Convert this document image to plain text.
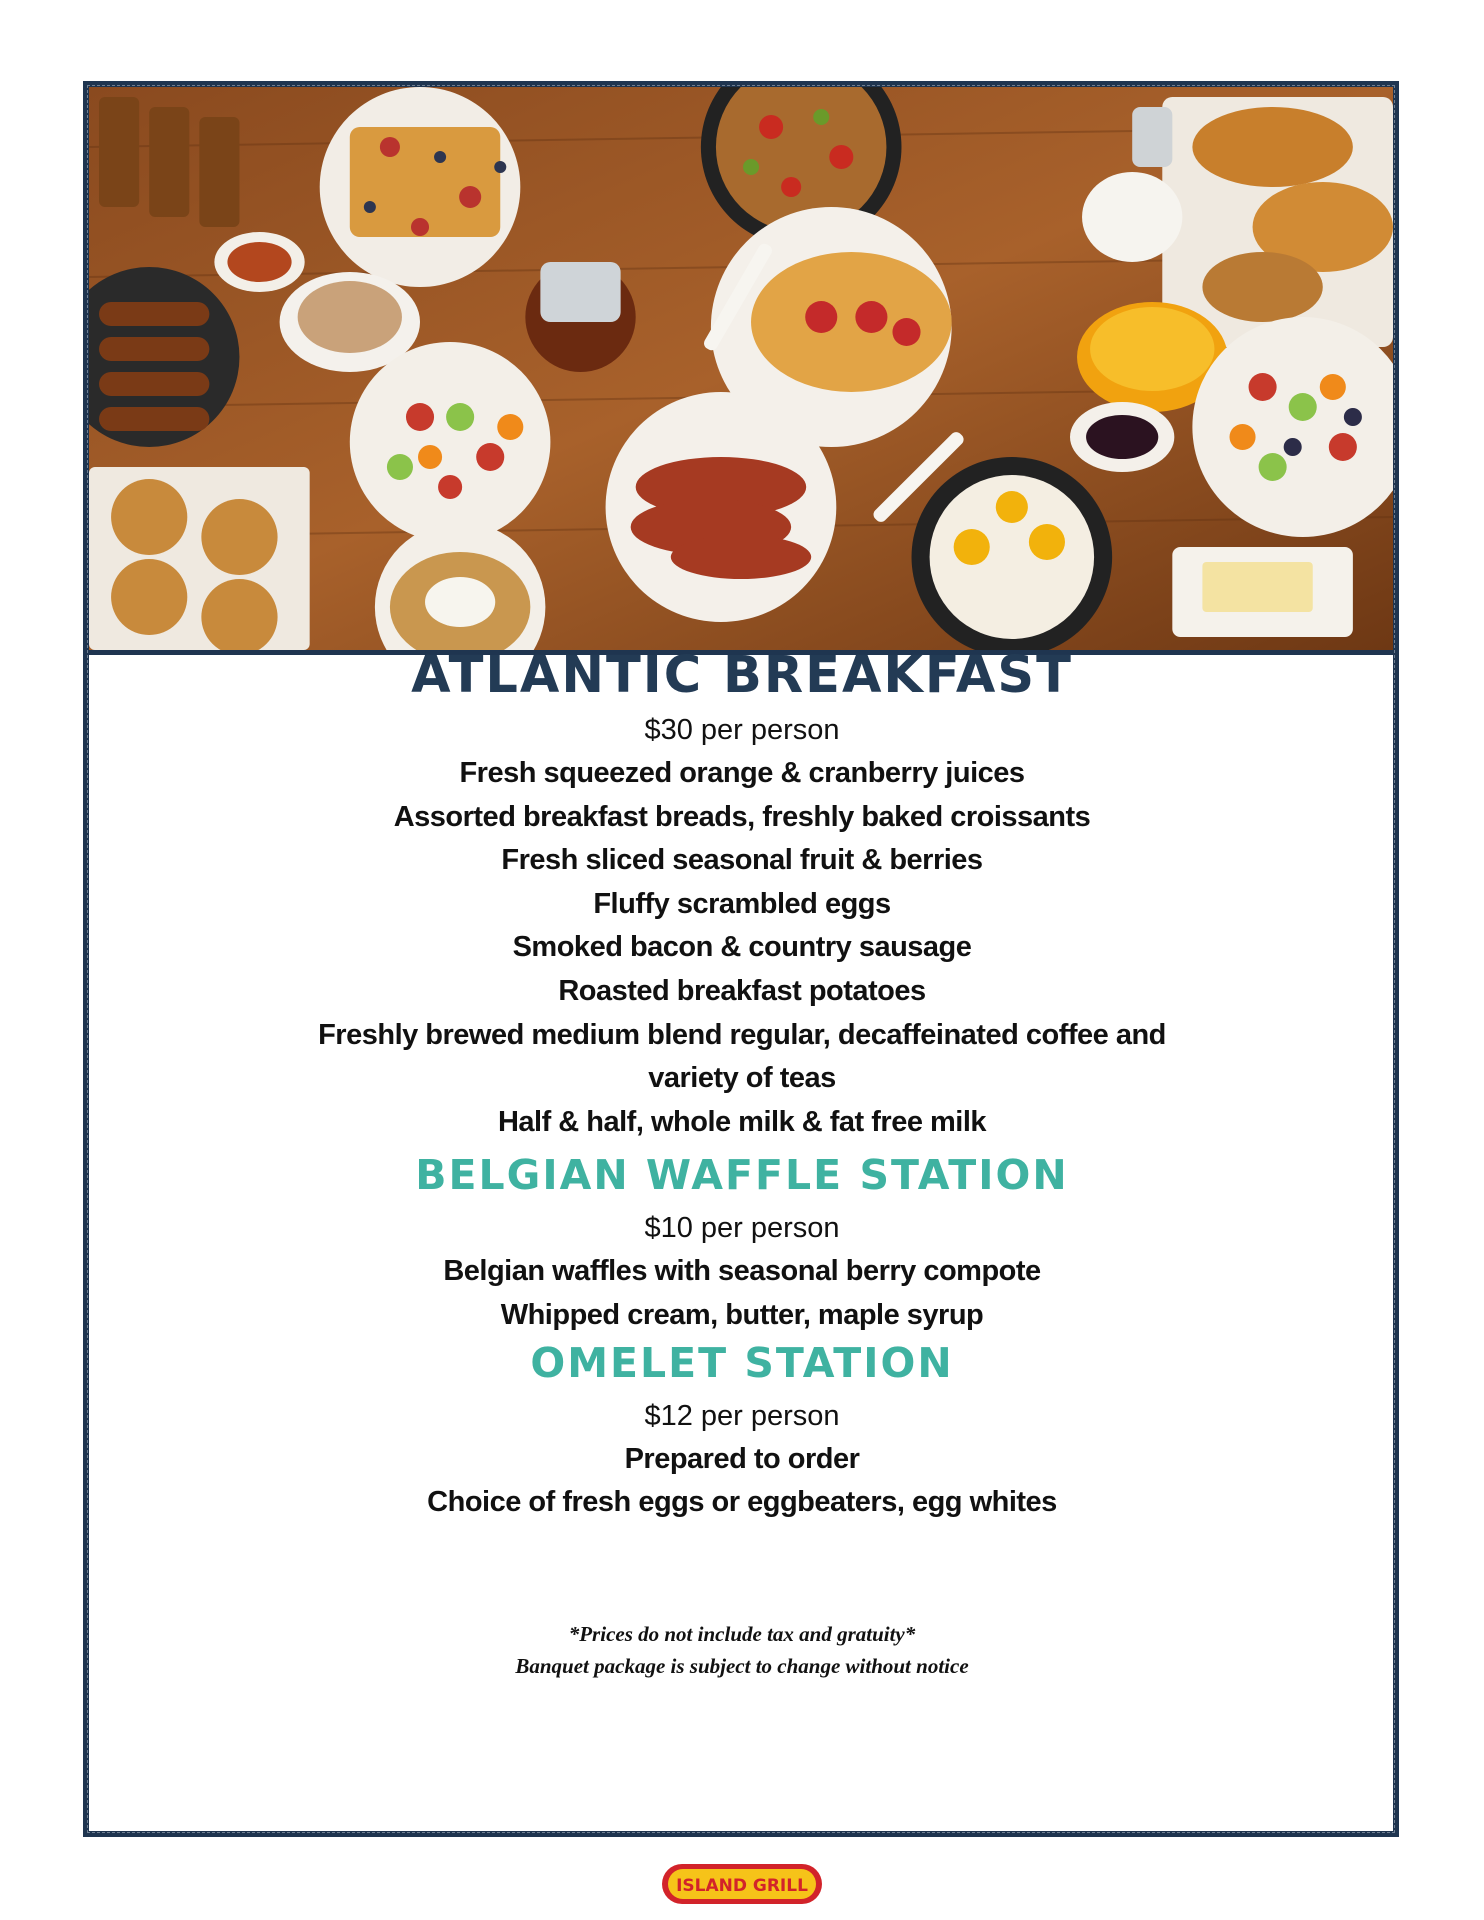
ATLANTIC BREAKFAST

$30 per person

Fresh squeezed orange & cranberry juices

Assorted breakfast breads, freshly baked croissants

Fresh sliced seasonal fruit & berries

Fluffy scrambled eggs

Smoked bacon & country sausage

Roasted breakfast potatoes

Freshly brewed medium blend regular, decaffeinated coffee and

variety of teas

Half & half, whole milk & fat free milk

BELGIAN WAFFLE STATION

$10 per person

Belgian waffles with seasonal berry compote

Whipped cream, butter, maple syrup

OMELET STATION

$12 per person

Prepared to order

Choice of fresh eggs or eggbeaters, egg whites

*Prices do not include tax and gratuity*
Banquet package is subject to change without notice
ISLAND GRILL
